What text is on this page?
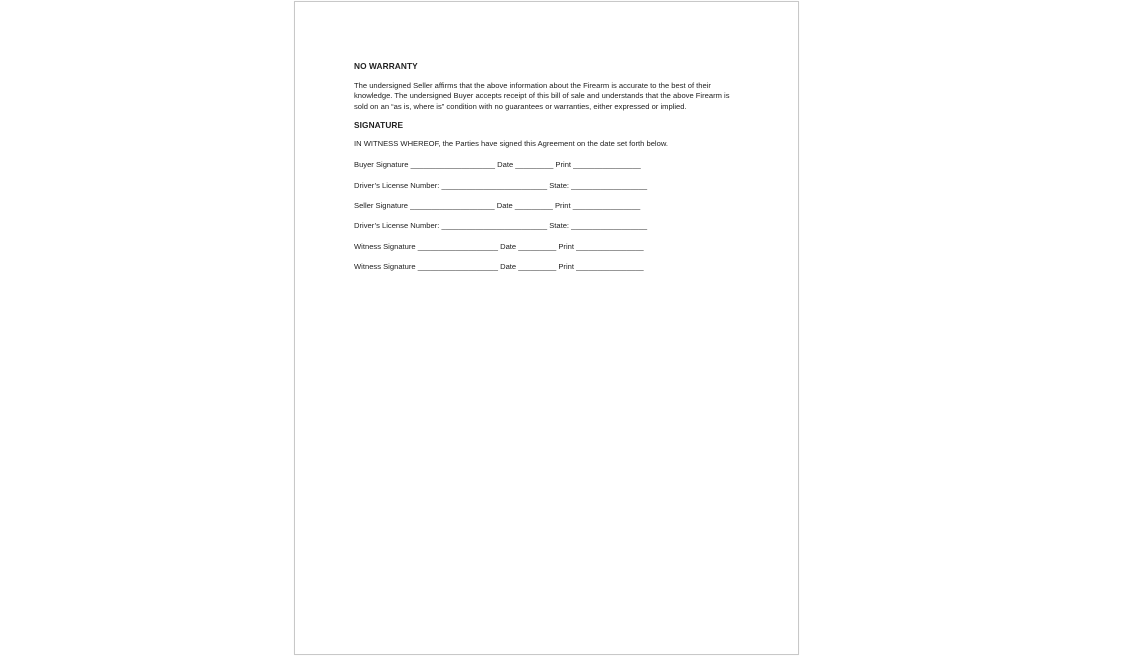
NO WARRANTY

The undersigned Seller affirms that the above information about the Firearm is accurate to the best of their knowledge. The undersigned Buyer accepts receipt of this bill of sale and understands that the above Firearm is sold on an “as is, where is” condition with no guarantees or warranties, either expressed or implied.

SIGNATURE

IN WITNESS WHEREOF, the Parties have signed this Agreement on the date set forth below.

Buyer Signature ____________________ Date _________ Print ________________

Driver’s License Number: _________________________ State: __________________

Seller Signature ____________________ Date _________ Print ________________

Driver’s License Number: _________________________ State: __________________

Witness Signature ___________________ Date _________ Print ________________

Witness Signature ___________________ Date _________ Print ________________
